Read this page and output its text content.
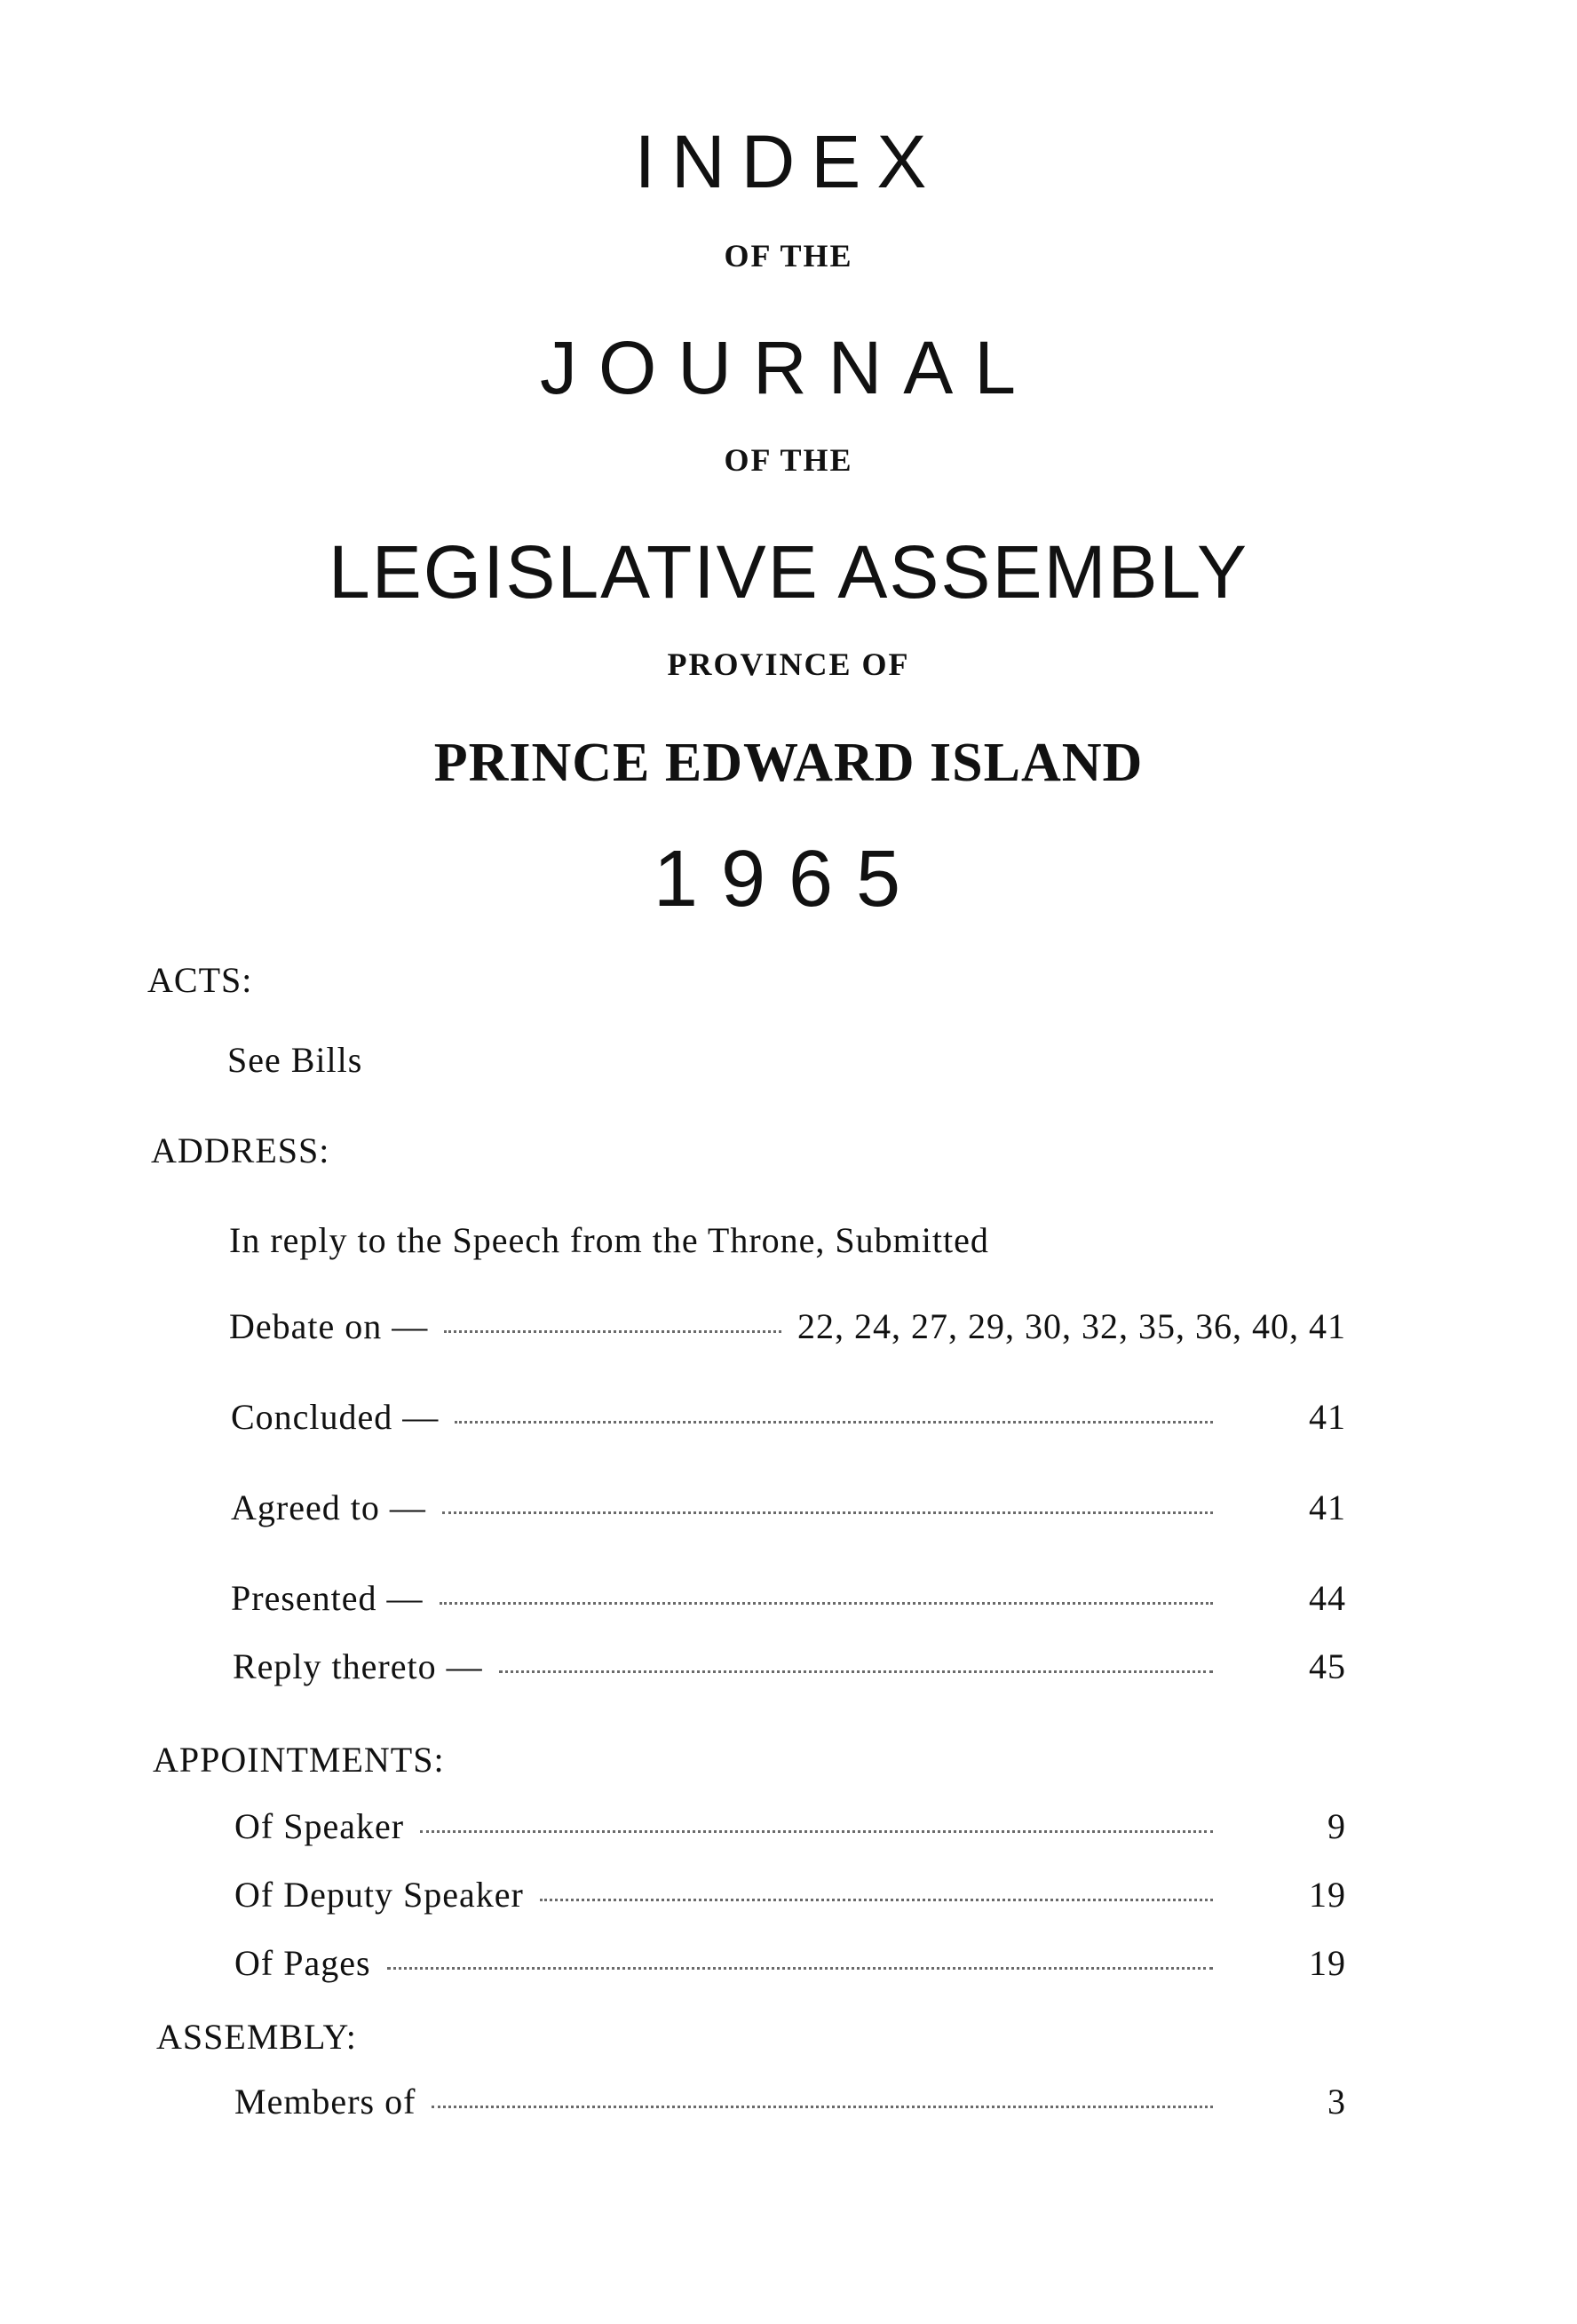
INDEX
OF THE
JOURNAL
OF THE
LEGISLATIVE ASSEMBLY
PROVINCE OF
PRINCE EDWARD ISLAND
1965
ACTS:
See Bills
ADDRESS:
In reply to the Speech from the Throne, Submitted
Debate on —	22, 24, 27, 29, 30, 32, 35, 36, 40, 41
Concluded —	41
Agreed to —	41
Presented —	44
Reply thereto —	45
APPOINTMENTS:
Of Speaker	9
Of Deputy Speaker	19
Of Pages	19
ASSEMBLY:
Members of	3
